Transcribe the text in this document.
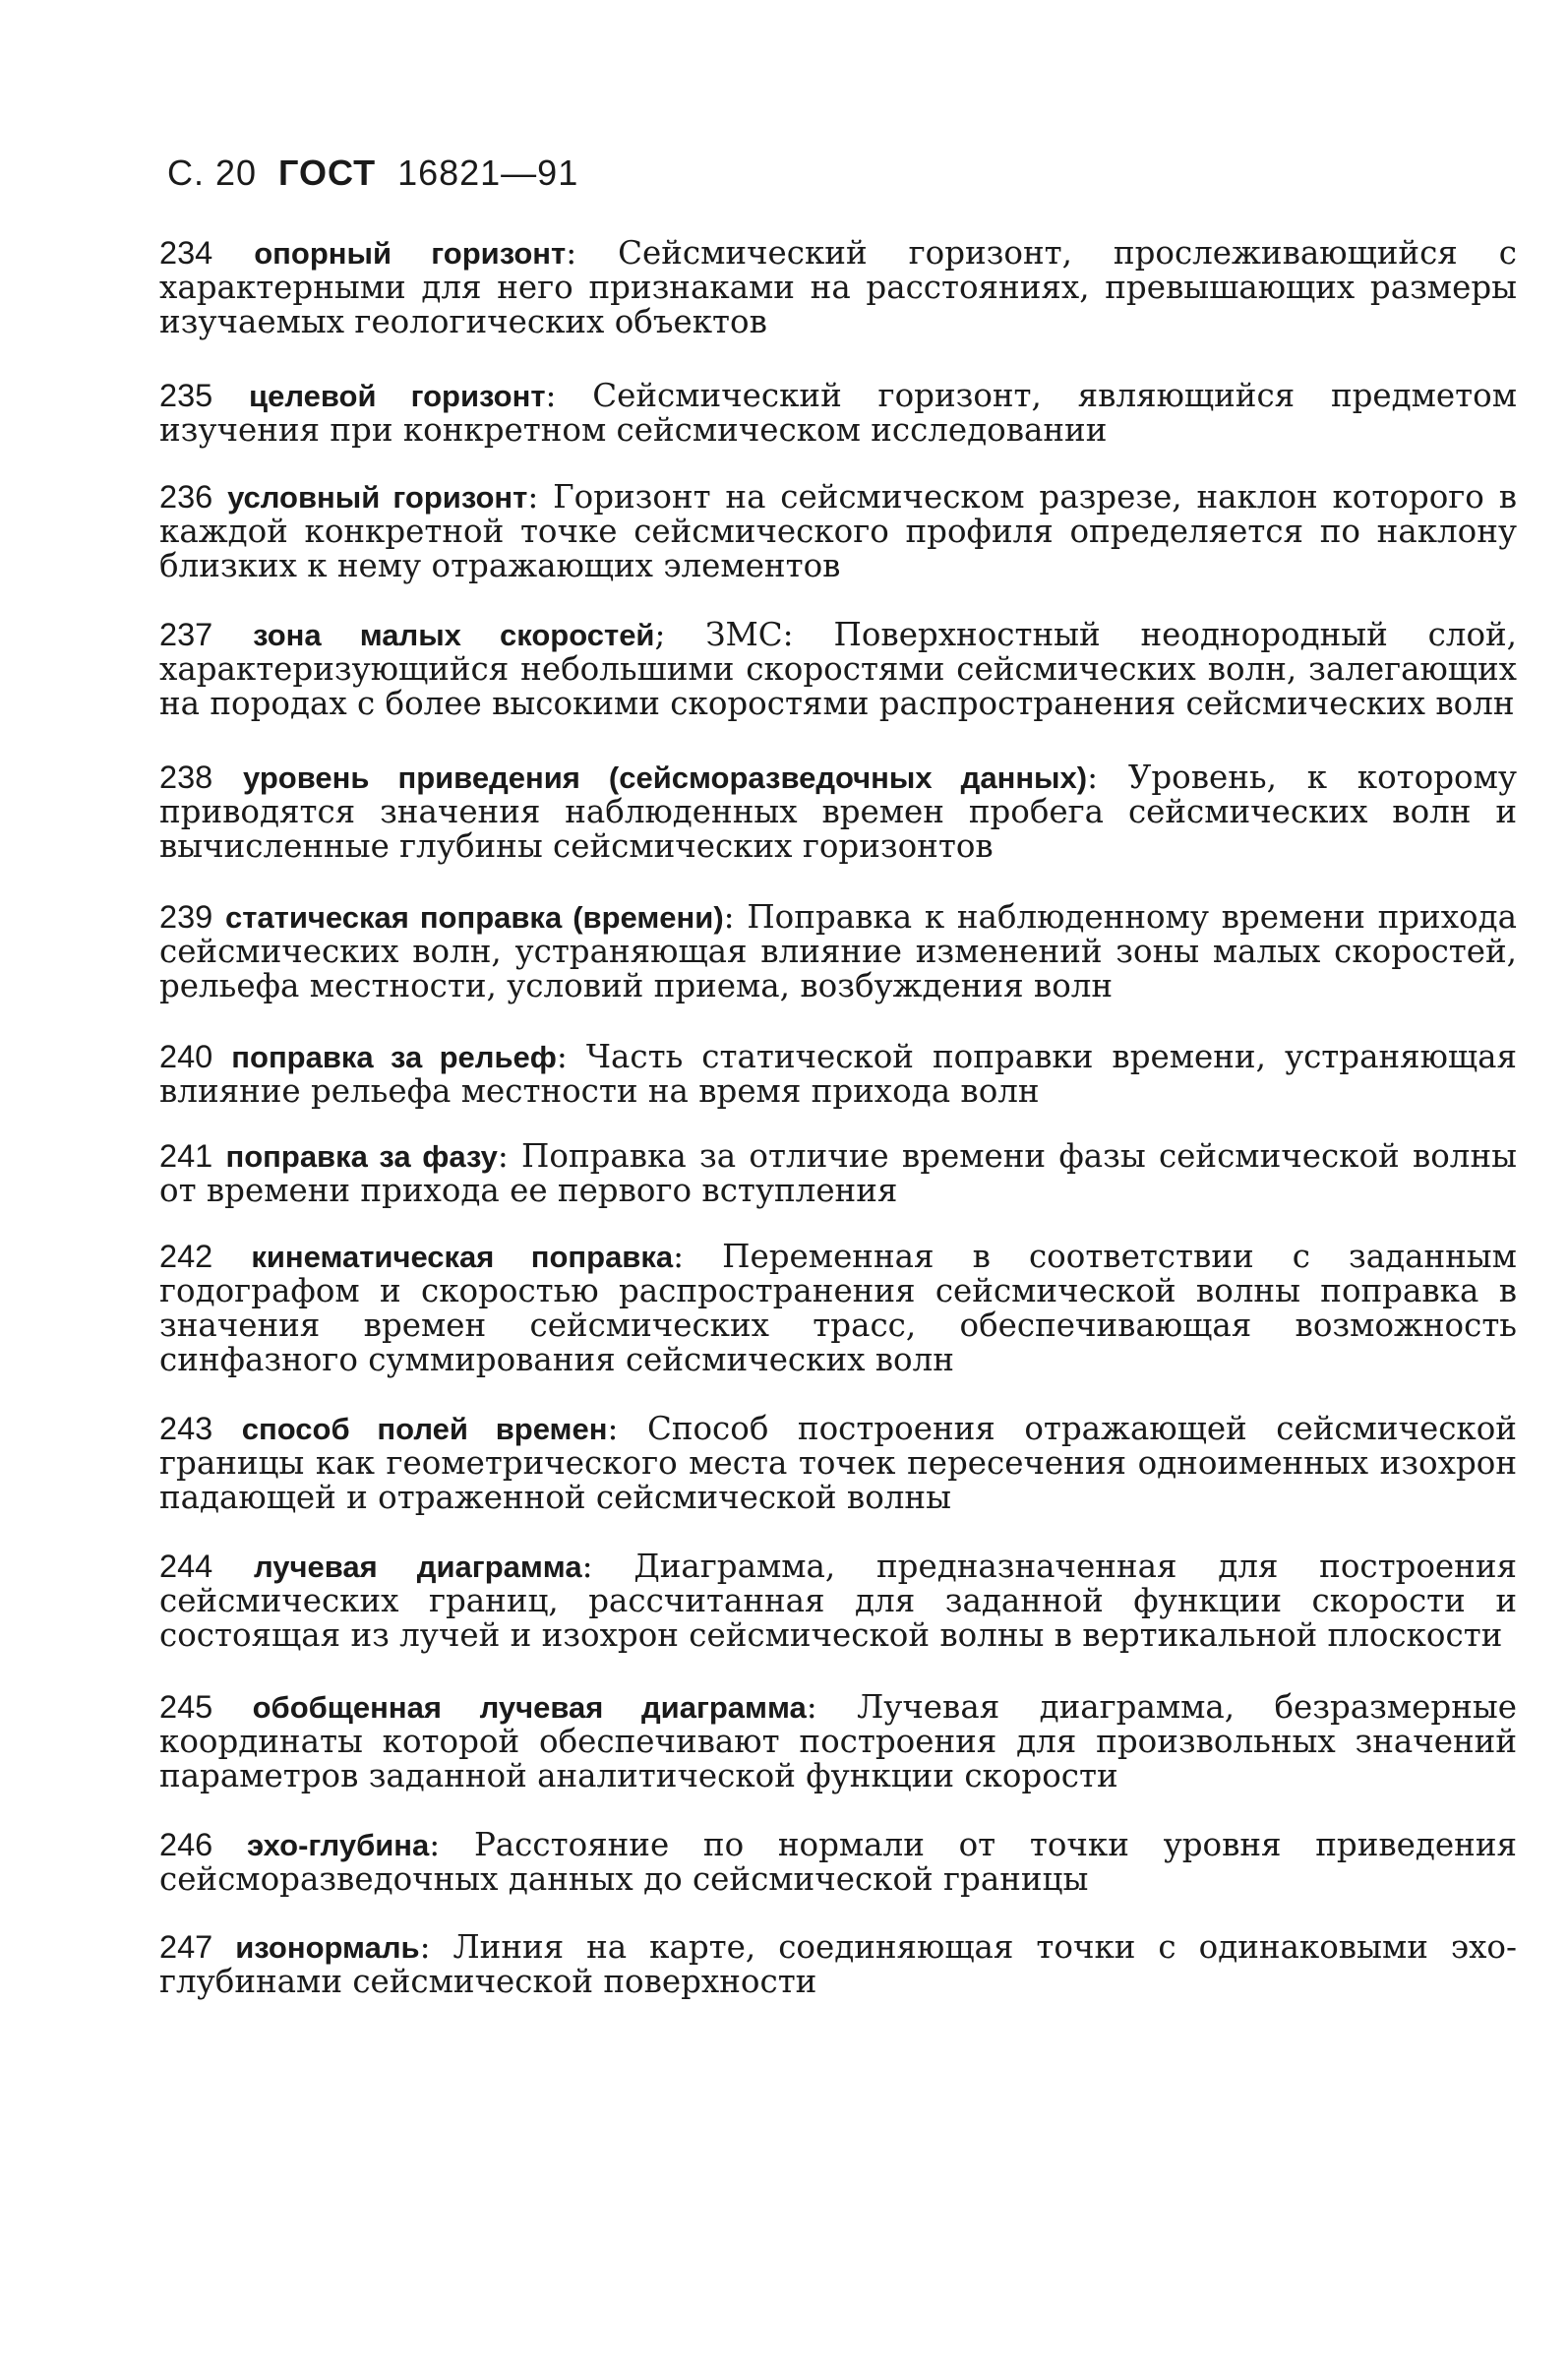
С. 20 ГОСТ 16821—91

234 опорный горизонт: Сейсмический горизонт, прослеживающийся с характерными для него признаками на расстояниях, превышающих размеры изучаемых геологических объектов

235 целевой горизонт: Сейсмический горизонт, являющийся предметом изучения при конкретном сейсмическом исследовании

236 условный горизонт: Горизонт на сейсмическом разрезе, наклон которого в каждой конкретной точке сейсмического профиля определяется по наклону близких к нему отражающих элементов

237 зона малых скоростей; ЗМС: Поверхностный неоднородный слой, характеризующийся небольшими скоростями сейсмических волн, залегающих на породах с более высокими скоростями распространения сейсмических волн

238 уровень приведения (сейсморазведочных данных): Уровень, к которому приводятся значения наблюденных времен пробега сейсмических волн и вычисленные глубины сейсмических горизонтов

239 статическая поправка (времени): Поправка к наблюденному времени прихода сейсмических волн, устраняющая влияние изменений зоны малых скоростей, рельефа местности, условий приема, возбуждения волн

240 поправка за рельеф: Часть статической поправки времени, устраняющая влияние рельефа местности на время прихода волн

241 поправка за фазу: Поправка за отличие времени фазы сейсмической волны от времени прихода ее первого вступления

242 кинематическая поправка: Переменная в соответствии с заданным годографом и скоростью распространения сейсмической волны поправка в значения времен сейсмических трасс, обеспечивающая возможность синфазного суммирования сейсмических волн

243 способ полей времен: Способ построения отражающей сейсмической границы как геометрического места точек пересечения одноименных изохрон падающей и отраженной сейсмической волны

244 лучевая диаграмма: Диаграмма, предназначенная для построения сейсмических границ, рассчитанная для заданной функции скорости и состоящая из лучей и изохрон сейсмической волны в вертикальной плоскости

245 обобщенная лучевая диаграмма: Лучевая диаграмма, безразмерные координаты которой обеспечивают построения для произвольных значений параметров заданной аналитической функции скорости

246 эхо-глубина: Расстояние по нормали от точки уровня приведения сейсморазведочных данных до сейсмической границы

247 изонормаль: Линия на карте, соединяющая точки с одинаковыми эхо-глубинами сейсмической поверхности
